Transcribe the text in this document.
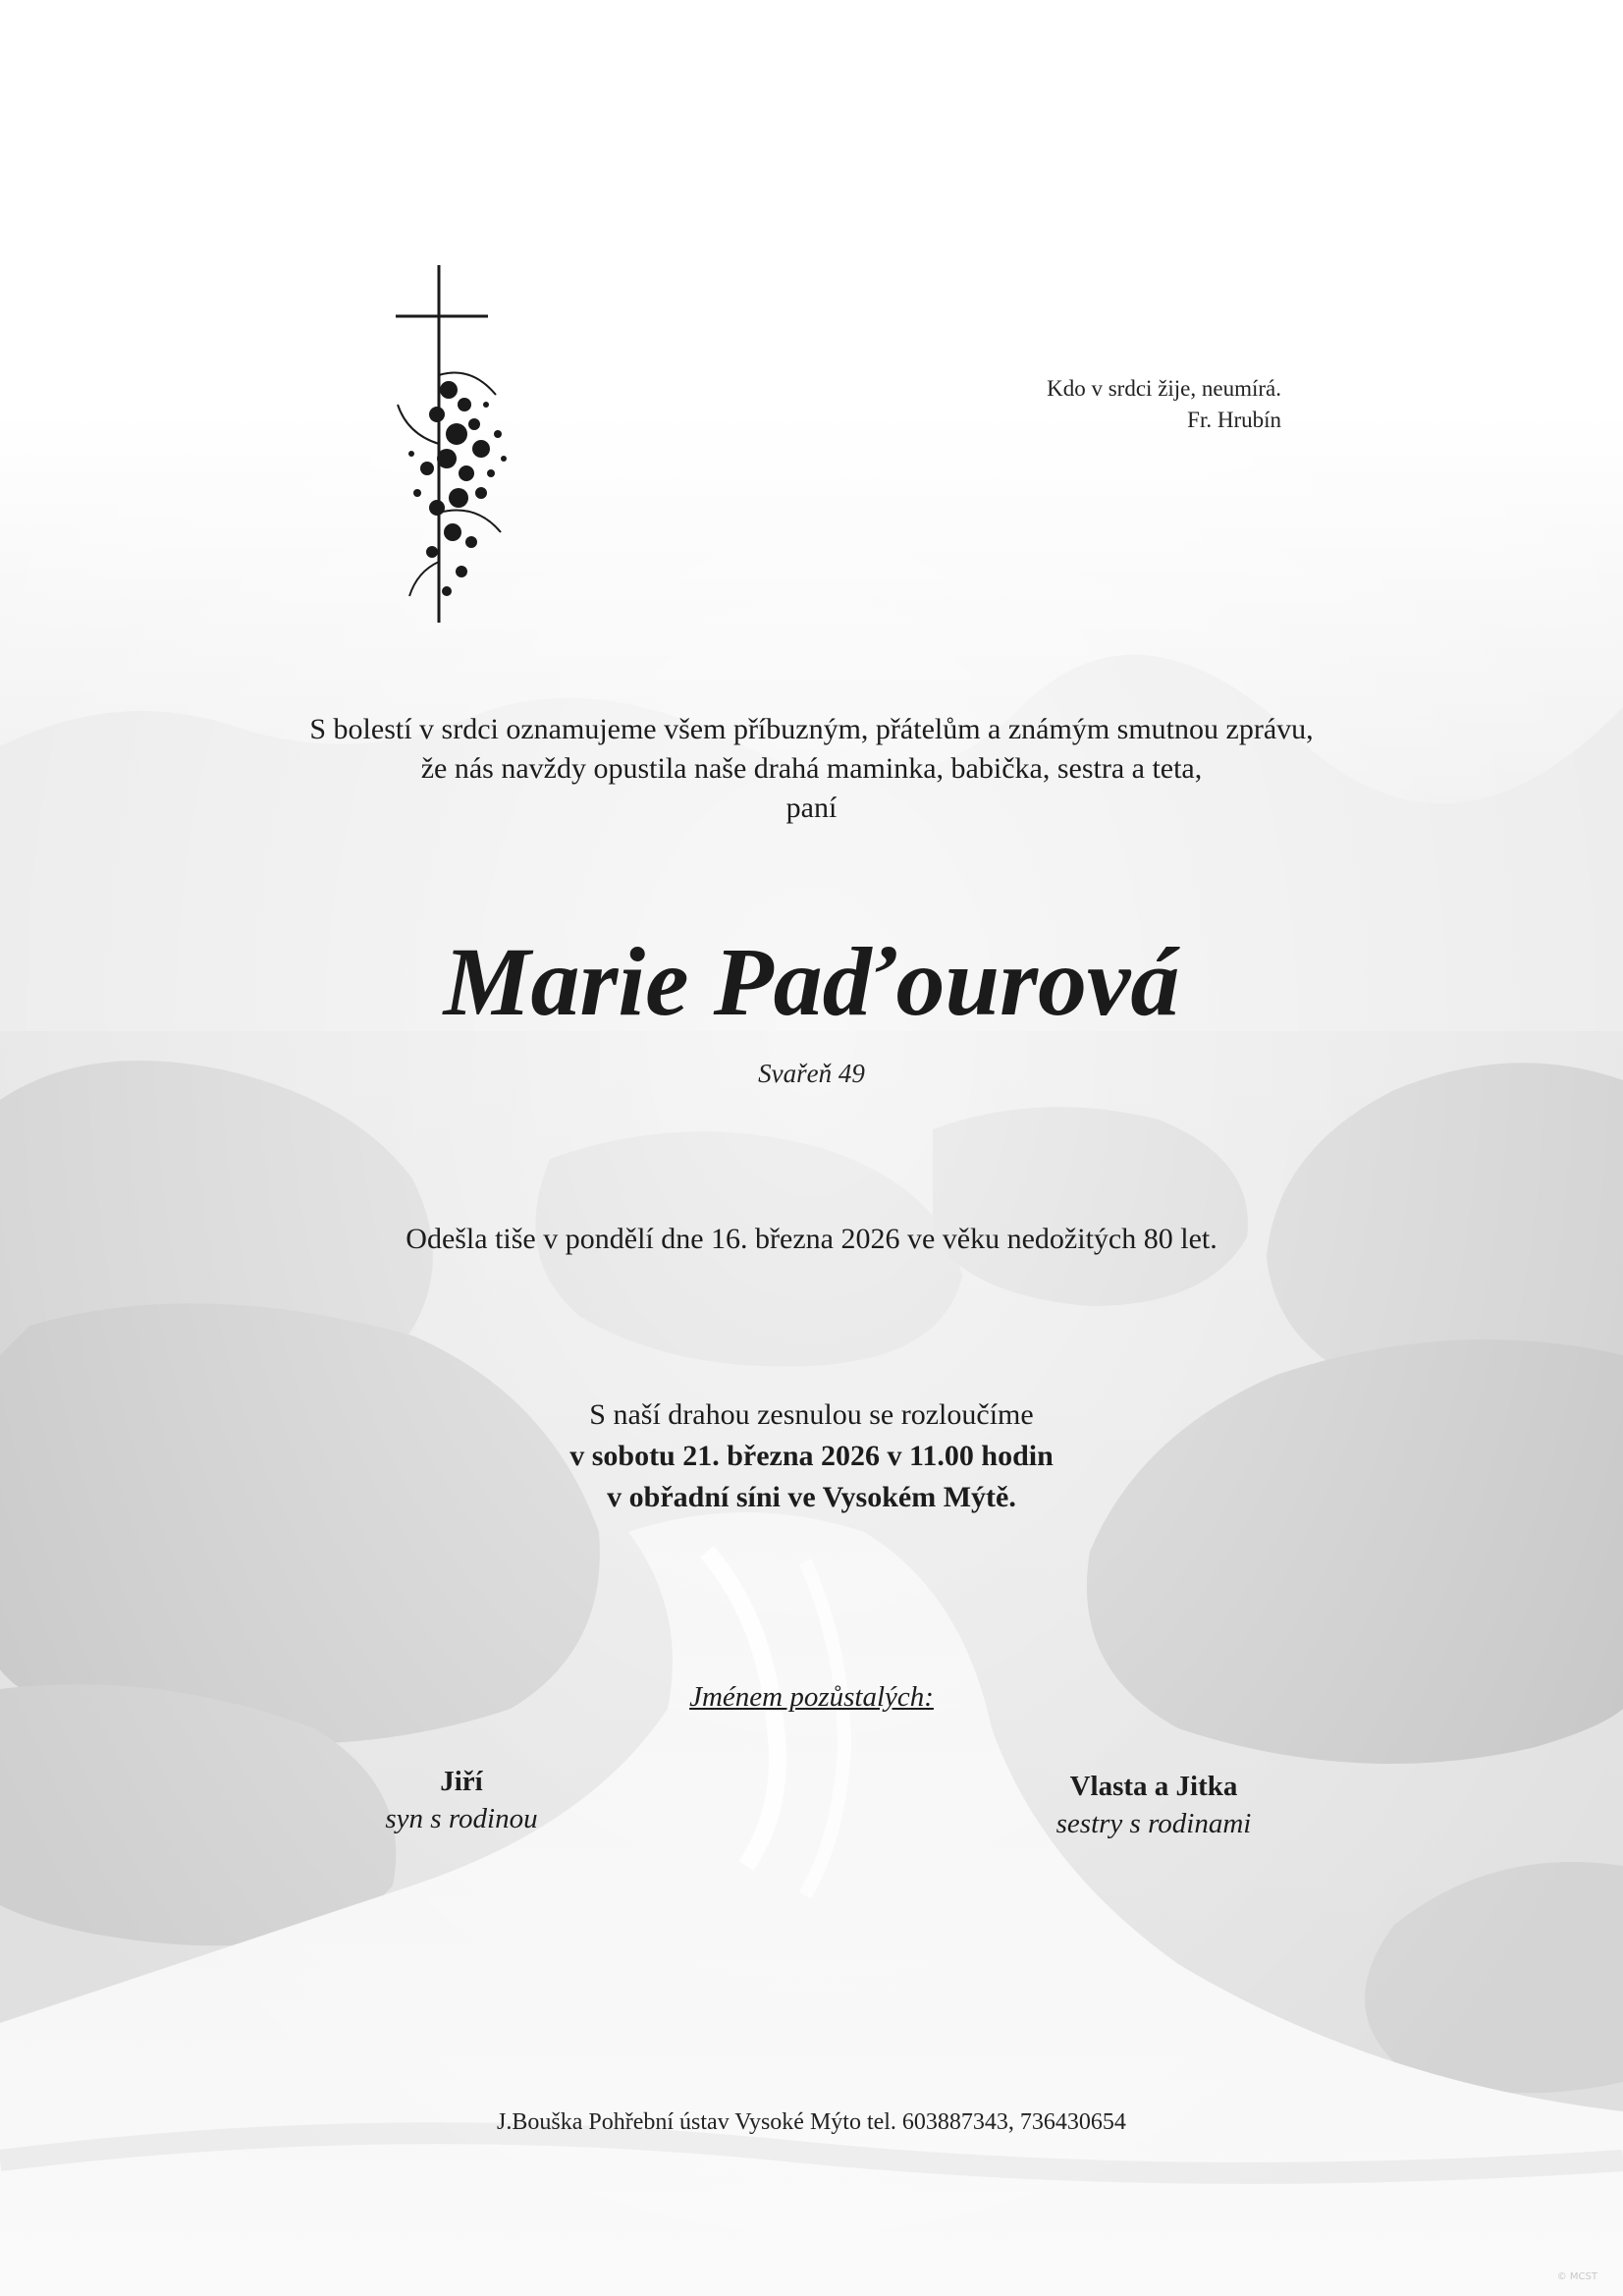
Kdo v srdci žije, neumírá.
Fr. Hrubín
S bolestí v srdci oznamujeme všem příbuzným, přátelům a známým smutnou zprávu,
že nás navždy opustila naše drahá maminka, babička, sestra a teta,
paní
Marie Paďourová
Svařeň 49
Odešla tiše v pondělí dne 16. března 2026 ve věku nedožitých 80 let.
S naší drahou zesnulou se rozloučíme
v sobotu 21. března 2026 v 11.00 hodin
v obřadní síni ve Vysokém Mýtě.
Jménem pozůstalých:
Jiří
syn s rodinou
Vlasta a Jitka
sestry s rodinami
J.Bouška Pohřební ústav Vysoké Mýto tel. 603887343, 736430654
© MCST
